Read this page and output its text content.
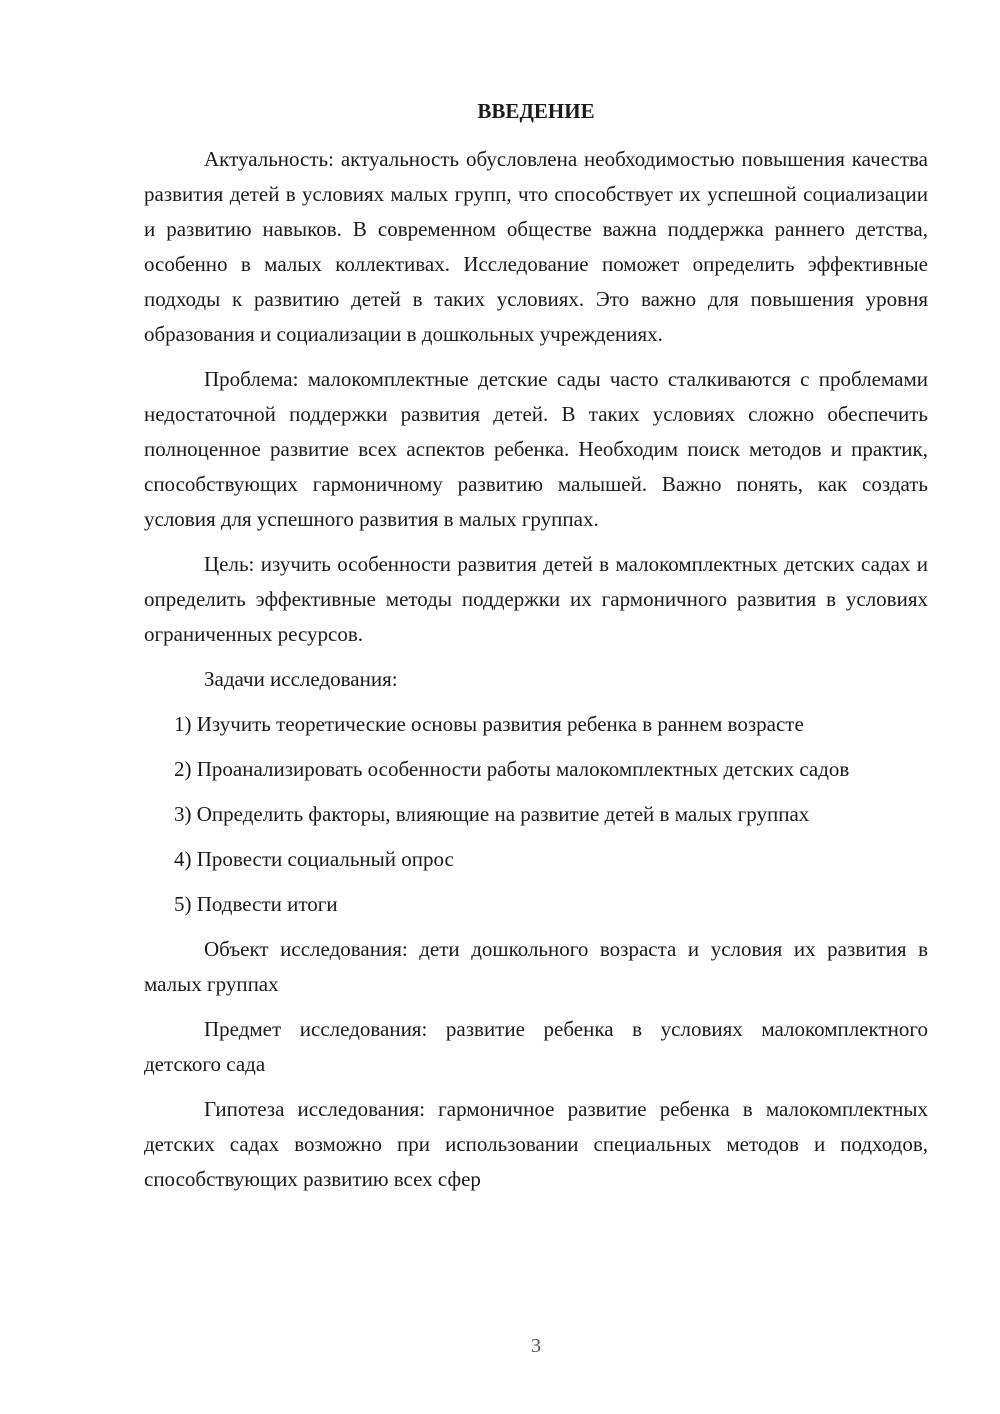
ВВЕДЕНИЕ

Актуальность: актуальность обусловлена необходимостью повышения качества развития детей в условиях малых групп, что способствует их успешной социализации и развитию навыков. В современном обществе важна поддержка раннего детства, особенно в малых коллективах. Исследование поможет определить эффективные подходы к развитию детей в таких условиях. Это важно для повышения уровня образования и социализации в дошкольных учреждениях.

Проблема: малокомплектные детские сады часто сталкиваются с проблемами недостаточной поддержки развития детей. В таких условиях сложно обеспечить полноценное развитие всех аспектов ребенка. Необходим поиск методов и практик, способствующих гармоничному развитию малышей. Важно понять, как создать условия для успешного развития в малых группах.

Цель: изучить особенности развития детей в малокомплектных детских садах и определить эффективные методы поддержки их гармоничного развития в условиях ограниченных ресурсов.

Задачи исследования:

1) Изучить теоретические основы развития ребенка в раннем возрасте

2) Проанализировать особенности работы малокомплектных детских садов

3) Определить факторы, влияющие на развитие детей в малых группах

4) Провести социальный опрос

5) Подвести итоги

Объект исследования: дети дошкольного возраста и условия их развития в малых группах

Предмет исследования: развитие ребенка в условиях малокомплектного детского сада

Гипотеза исследования: гармоничное развитие ребенка в малокомплектных детских садах возможно при использовании специальных методов и подходов, способствующих развитию всех сфер

3
